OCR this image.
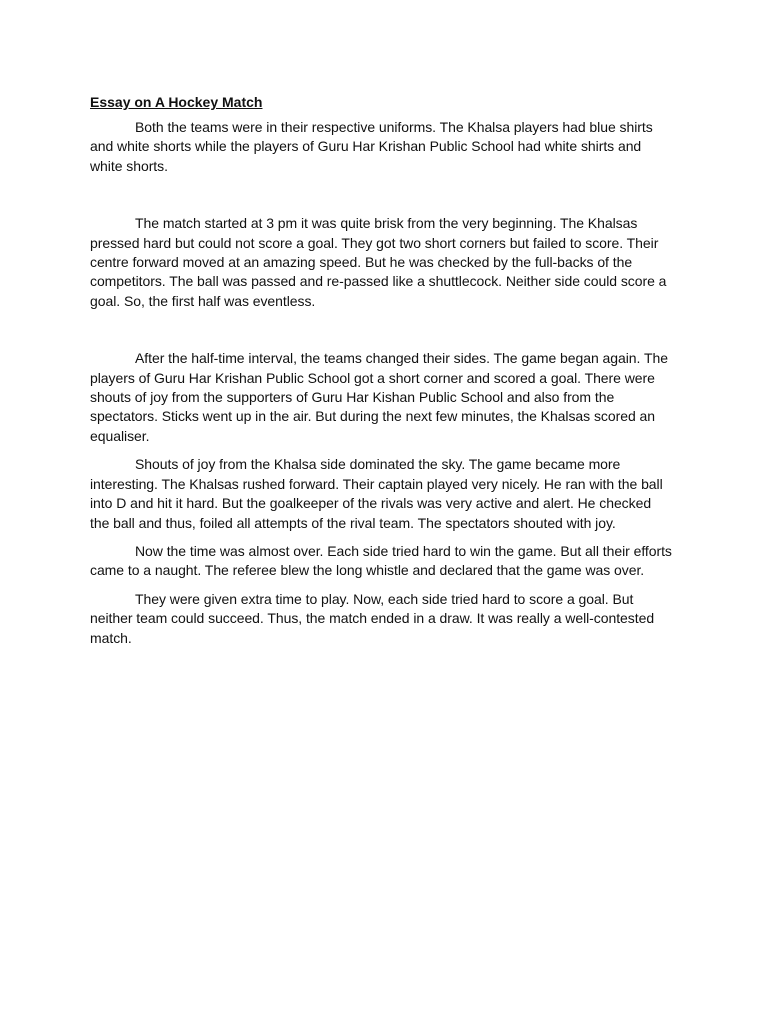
Essay on A Hockey Match

Both the teams were in their respective uniforms. The Khalsa players had blue shirts and white shorts while the players of Guru Har Krishan Public School had white shirts and white shorts.

The match started at 3 pm it was quite brisk from the very beginning. The Khalsas pressed hard but could not score a goal. They got two short corners but failed to score. Their centre forward moved at an amazing speed. But he was checked by the full-backs of the competitors. The ball was passed and re-passed like a shuttlecock. Neither side could score a goal. So, the first half was eventless.

After the half-time interval, the teams changed their sides. The game began again. The players of Guru Har Krishan Public School got a short corner and scored a goal. There were shouts of joy from the supporters of Guru Har Kishan Public School and also from the spectators. Sticks went up in the air. But during the next few minutes, the Khalsas scored an equaliser.

Shouts of joy from the Khalsa side dominated the sky. The game became more interesting. The Khalsas rushed forward. Their captain played very nicely. He ran with the ball into D and hit it hard. But the goalkeeper of the rivals was very active and alert. He checked the ball and thus, foiled all attempts of the rival team. The spectators shouted with joy.

Now the time was almost over. Each side tried hard to win the game. But all their efforts came to a naught. The referee blew the long whistle and declared that the game was over.

They were given extra time to play. Now, each side tried hard to score a goal. But neither team could succeed. Thus, the match ended in a draw. It was really a well-contested match.
